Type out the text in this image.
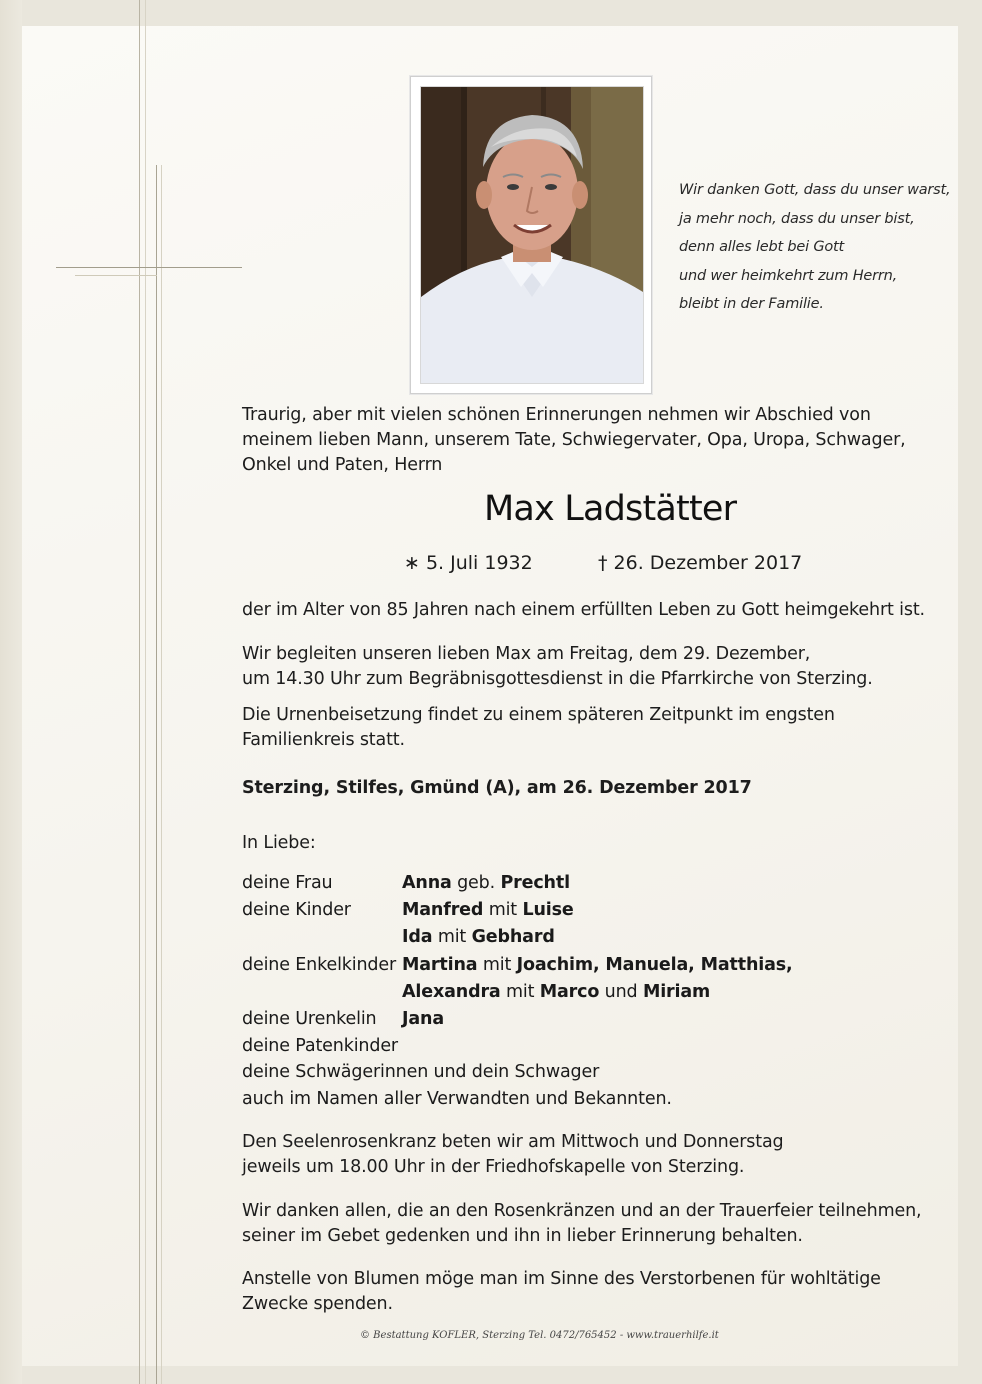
Wir danken Gott, dass du unser warst,
ja mehr noch, dass du unser bist,
denn alles lebt bei Gott
und wer heimkehrt zum Herrn,
bleibt in der Familie.
Traurig, aber mit vielen schönen Erinnerungen nehmen wir Abschied von
meinem lieben Mann, unserem Tate, Schwiegervater, Opa, Uropa, Schwager,
Onkel und Paten, Herrn
Max Ladstätter
∗ 5. Juli 1932	† 26. Dezember 2017
der im Alter von 85 Jahren nach einem erfüllten Leben zu Gott heimgekehrt ist.
Wir begleiten unseren lieben Max am Freitag, dem 29. Dezember,
um 14.30 Uhr zum Begräbnisgottesdienst in die Pfarrkirche von Sterzing.
Die Urnenbeisetzung findet zu einem späteren Zeitpunkt im engsten
Familienkreis statt.
Sterzing, Stilfes, Gmünd (A), am 26. Dezember 2017
In Liebe:
deine Frau	Anna geb. Prechtl
deine Kinder	Manfred mit Luise
Ida mit Gebhard
deine Enkelkinder Martina mit Joachim, Manuela, Matthias,
Alexandra mit Marco und Miriam
deine Urenkelin Jana
deine Patenkinder
deine Schwägerinnen und dein Schwager
auch im Namen aller Verwandten und Bekannten.
Den Seelenrosenkranz beten wir am Mittwoch und Donnerstag
jeweils um 18.00 Uhr in der Friedhofskapelle von Sterzing.
Wir danken allen, die an den Rosenkränzen und an der Trauerfeier teilnehmen,
seiner im Gebet gedenken und ihn in lieber Erinnerung behalten.
Anstelle von Blumen möge man im Sinne des Verstorbenen für wohltätige
Zwecke spenden.
© Bestattung KOFLER, Sterzing Tel. 0472/765452 - www.trauerhilfe.it
